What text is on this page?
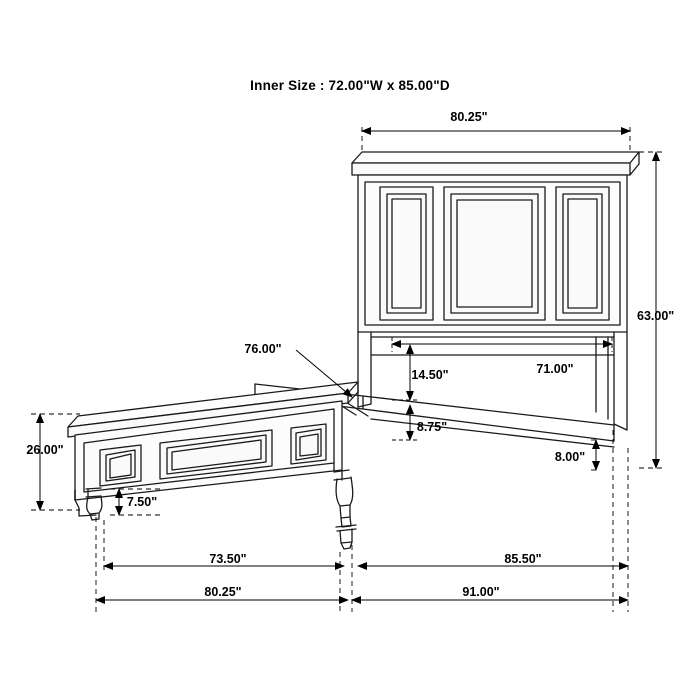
Inner Size : 72.00"W x 85.00"D
80.25"
63.00"
71.00"
14.50"
8.75"
76.00"
26.00"
7.50"
8.00"
73.50"	85.50"
80.25"	91.00"
